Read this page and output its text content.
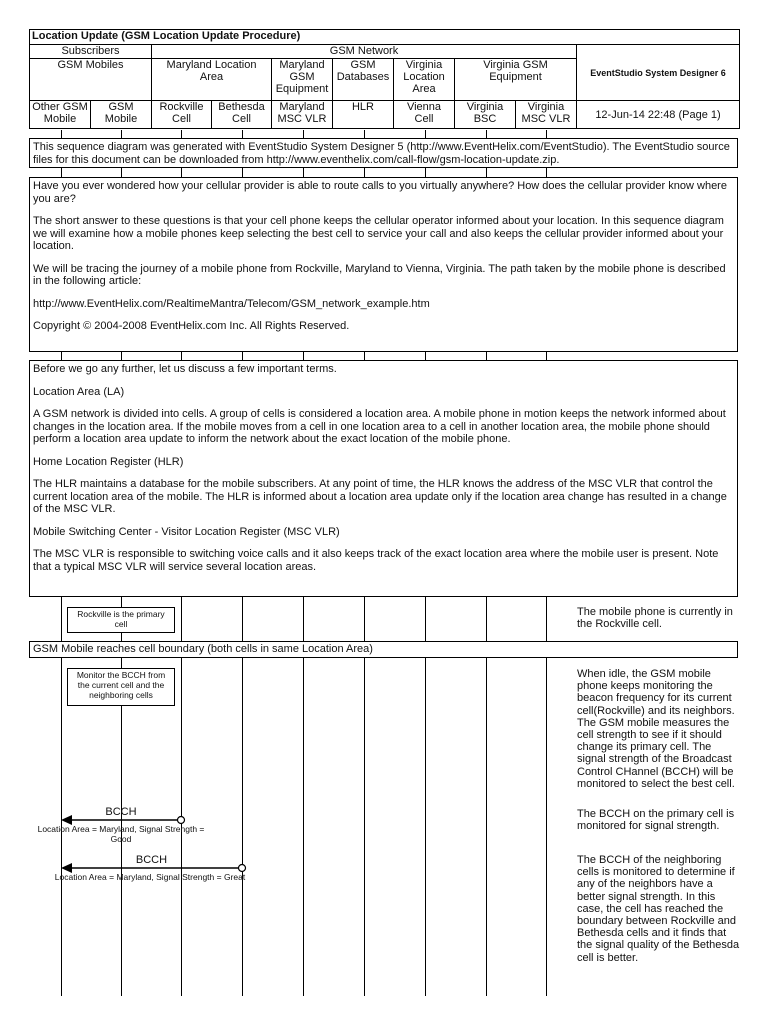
Location Update (GSM Location Update Procedure)									
Subscribers		GSM Network							EventStudio System Designer 6
GSM Mobiles		Maryland Location Area		Maryland GSM Equipment	GSM Databases	Virginia Location Area	Virginia GSM Equipment		
Other GSM Mobile	GSM Mobile	Rockville Cell	Bethesda Cell	Maryland MSC VLR	HLR	Vienna Cell	Virginia BSC	Virginia MSC VLR	12-Jun-14 22:48 (Page 1)

This sequence diagram was generated with EventStudio System Designer 5 (http://www.EventHelix.com/EventStudio). The EventStudio source files for this document can be downloaded from http://www.eventhelix.com/call-flow/gsm-location-update.zip.

Have you ever wondered how your cellular provider is able to route calls to you virtually anywhere? How does the cellular provider know where you are?

The short answer to these questions is that your cell phone keeps the cellular operator informed about your location. In this sequence diagram we will examine how a mobile phones keep selecting the best cell to service your call and also keeps the cellular provider informed about your location.

We will be tracing the journey of a mobile phone from Rockville, Maryland to Vienna, Virginia. The path taken by the mobile phone is described in the following article:

http://www.EventHelix.com/RealtimeMantra/Telecom/GSM_network_example.htm

Copyright © 2004-2008 EventHelix.com Inc. All Rights Reserved.

Before we go any further, let us discuss a few important terms.

Location Area (LA)

A GSM network is divided into cells. A group of cells is considered a location area. A mobile phone in motion keeps the network informed about changes in the location area. If the mobile moves from a cell in one location area to a cell in another location area, the mobile phone should perform a location area update to inform the network about the exact location of the mobile phone.

Home Location Register (HLR)

The HLR maintains a database for the mobile subscribers. At any point of time, the HLR knows the address of the MSC VLR that control the current location area of the mobile. The HLR is informed about a location area update only if the location area change has resulted in a change of the MSC VLR.

Mobile Switching Center - Visitor Location Register (MSC VLR)

The MSC VLR is responsible to switching voice calls and it also keeps track of the exact location area where the mobile user is present. Note that a typical MSC VLR will service several location areas.

Rockville is the primary cell
The mobile phone is currently in the Rockville cell.
GSM Mobile reaches cell boundary (both cells in same Location Area)
Monitor the BCCH from the current cell and the neighboring cells
When idle, the GSM mobile phone keeps monitoring the beacon frequency for its current cell(Rockville) and its neighbors. The GSM mobile measures the cell strength to see if it should change its primary cell. The signal strength of the Broadcast Control CHannel (BCCH) will be monitored to select the best cell.
BCCH
Location Area = Maryland, Signal Strength = Good
The BCCH on the primary cell is monitored for signal strength.
BCCH
Location Area = Maryland, Signal Strength = Great
The BCCH of the neighboring cells is monitored to determine if any of the neighbors have a better signal strength. In this case, the cell has reached the boundary between Rockville and Bethesda cells and it finds that the signal quality of the Bethesda cell is better.
